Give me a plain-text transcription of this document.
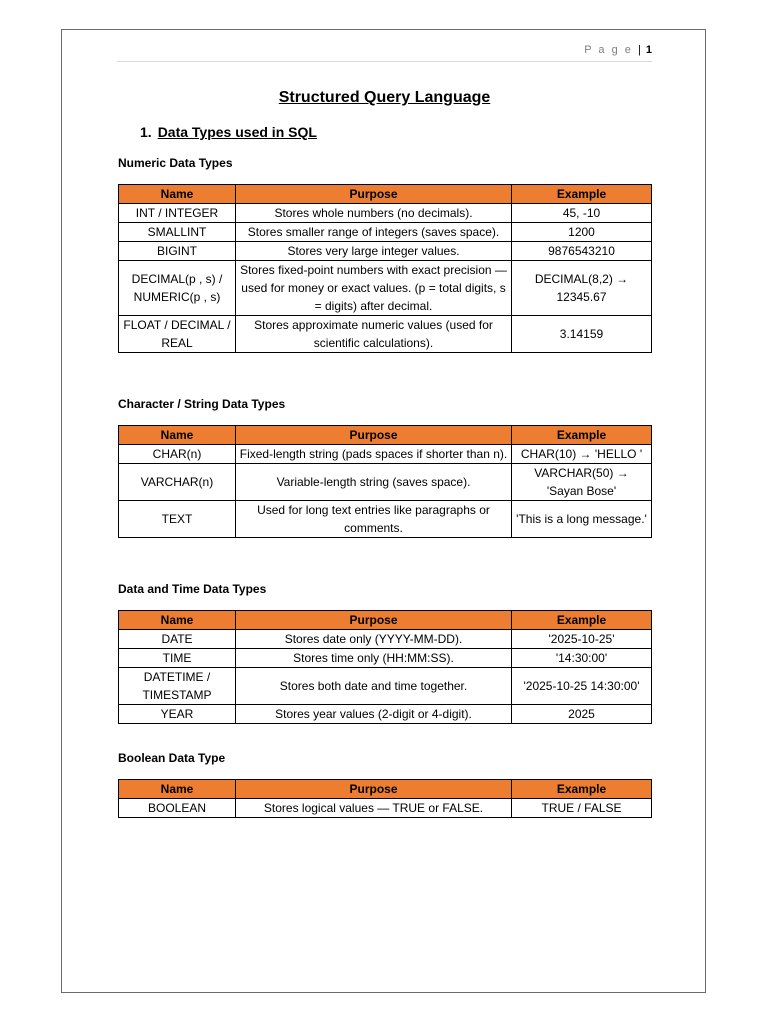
P a g e | 1
Structured Query Language
1. Data Types used in SQL
Numeric Data Types
Name	Purpose	Example
INT / INTEGER	Stores whole numbers (no decimals).	45, -10
SMALLINT	Stores smaller range of integers (saves space).	1200
BIGINT	Stores very large integer values.	9876543210
DECIMAL(p , s) / NUMERIC(p , s)	Stores fixed-point numbers with exact precision — used for money or exact values. (p = total digits, s = digits) after decimal.	DECIMAL(8,2) → 12345.67
FLOAT / DECIMAL / REAL	Stores approximate numeric values (used for scientific calculations).	3.14159
Character / String Data Types
Name	Purpose	Example
CHAR(n)	Fixed-length string (pads spaces if shorter than n).	CHAR(10) → 'HELLO '
VARCHAR(n)	Variable-length string (saves space).	VARCHAR(50) → 'Sayan Bose'
TEXT	Used for long text entries like paragraphs or comments.	'This is a long message.'
Data and Time Data Types
Name	Purpose	Example
DATE	Stores date only (YYYY-MM-DD).	'2025-10-25'
TIME	Stores time only (HH:MM:SS).	'14:30:00'
DATETIME / TIMESTAMP	Stores both date and time together.	'2025-10-25 14:30:00'
YEAR	Stores year values (2-digit or 4-digit).	2025
Boolean Data Type
Name	Purpose	Example
BOOLEAN	Stores logical values — TRUE or FALSE.	TRUE / FALSE
